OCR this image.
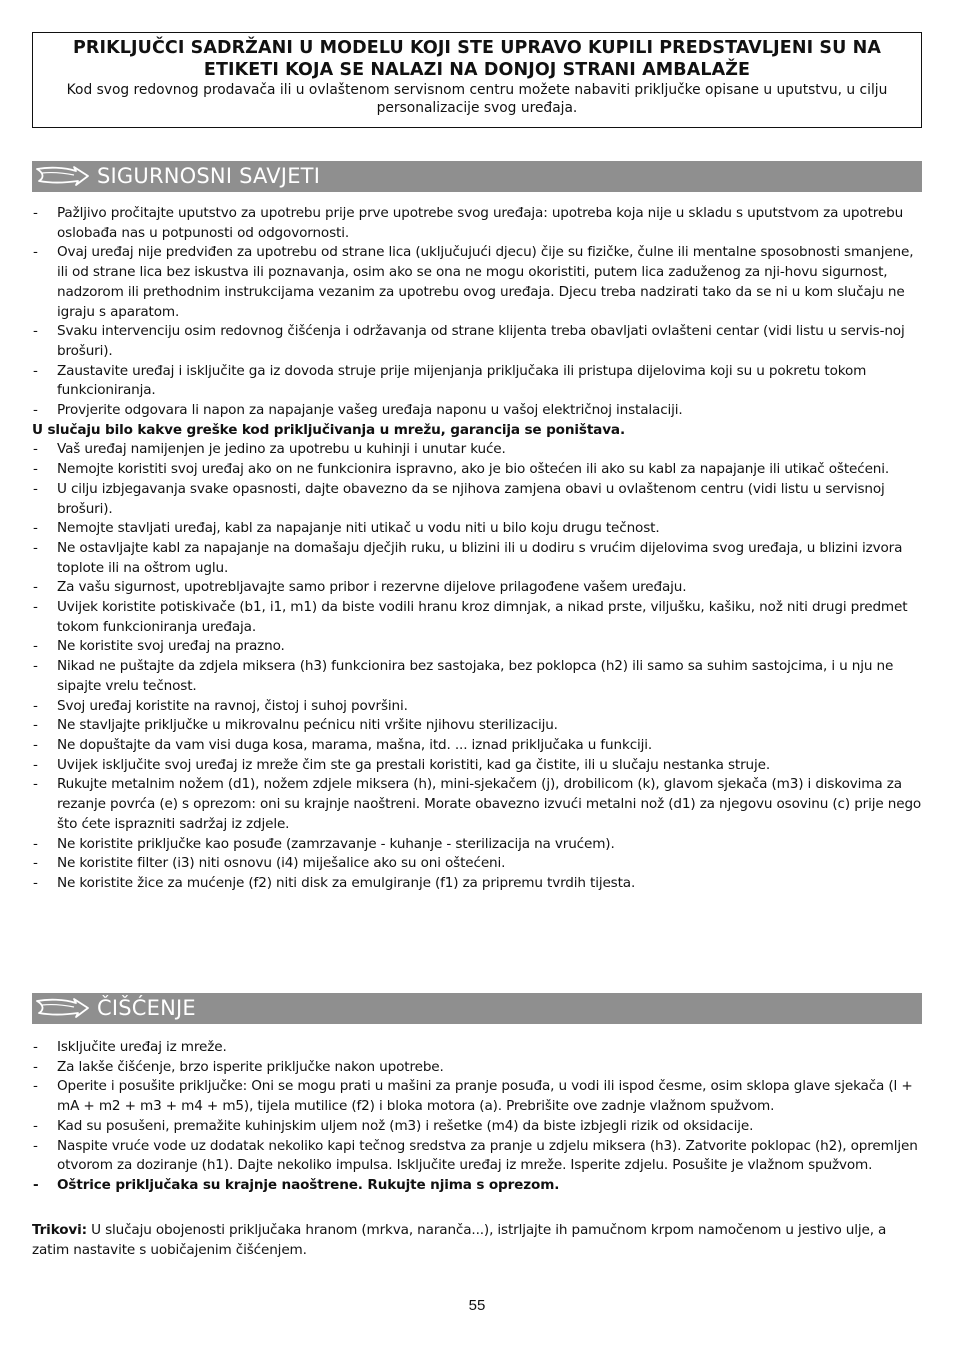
PRIKLJUČCI SADRŽANI U MODELU KOJI STE UPRAVO KUPILI PREDSTAVLJENI SU NA
ETIKETI KOJA SE NALAZI NA DONJOJ STRANI AMBALAŽE
Kod svog redovnog prodavača ili u ovlaštenom servisnom centru možete nabaviti priključke opisane u uputstvu, u cilju personalizacije svog uređaja.
SIGURNOSNI SAVJETI
- Pažljivo pročitajte uputstvo za upotrebu prije prve upotrebe svog uređaja: upotreba koja nije u skladu s uputstvom za upotrebu oslobađa nas u potpunosti od odgovornosti.
- Ovaj uređaj nije predviđen za upotrebu od strane lica (uključujući djecu) čije su fizičke, čulne ili mentalne sposobnosti smanjene, ili od strane lica bez iskustva ili poznavanja, osim ako se ona ne mogu okoristiti, putem lica zaduženog za nji-hovu sigurnost, nadzorom ili prethodnim instrukcijama vezanim za upotrebu ovog uređaja. Djecu treba nadzirati tako da se ni u kom slučaju ne igraju s aparatom.
- Svaku intervenciju osim redovnog čišćenja i održavanja od strane klijenta treba obavljati ovlašteni centar (vidi listu u servis-noj brošuri).
- Zaustavite uređaj i isključite ga iz dovoda struje prije mijenjanja priključaka ili pristupa dijelovima koji su u pokretu tokom funkcioniranja.
- Provjerite odgovara li napon za napajanje vašeg uređaja naponu u vašoj električnoj instalaciji.
U slučaju bilo kakve greške kod priključivanja u mrežu, garancija se poništava.
- Vaš uređaj namijenjen je jedino za upotrebu u kuhinji i unutar kuće.
- Nemojte koristiti svoj uređaj ako on ne funkcionira ispravno, ako je bio oštećen ili ako su kabl za napajanje ili utikač oštećeni.
- U cilju izbjegavanja svake opasnosti, dajte obavezno da se njihova zamjena obavi u ovlaštenom centru (vidi listu u servisnoj brošuri).
- Nemojte stavljati uređaj, kabl za napajanje niti utikač u vodu niti u bilo koju drugu tečnost.
- Ne ostavljajte kabl za napajanje na domašaju dječjih ruku, u blizini ili u dodiru s vrućim dijelovima svog uređaja, u blizini izvora toplote ili na oštrom uglu.
- Za vašu sigurnost, upotrebljavajte samo pribor i rezervne dijelove prilagođene vašem uređaju.
- Uvijek koristite potiskivače (b1, i1, m1) da biste vodili hranu kroz dimnjak, a nikad prste, viljušku, kašiku, nož niti drugi predmet tokom funkcioniranja uređaja.
- Ne koristite svoj uređaj na prazno.
- Nikad ne puštajte da zdjela miksera (h3) funkcionira bez sastojaka, bez poklopca (h2) ili samo sa suhim sastojcima, i u nju ne sipajte vrelu tečnost.
- Svoj uređaj koristite na ravnoj, čistoj i suhoj površini.
- Ne stavljajte priključke u mikrovalnu pećnicu niti vršite njihovu sterilizaciju.
- Ne dopuštajte da vam visi duga kosa, marama, mašna, itd. ... iznad priključaka u funkciji.
- Uvijek isključite svoj uređaj iz mreže čim ste ga prestali koristiti, kad ga čistite, ili u slučaju nestanka struje.
- Rukujte metalnim nožem (d1), nožem zdjele miksera (h), mini-sjekačem (j), drobilicom (k), glavom sjekača (m3) i diskovima za rezanje povrća (e) s oprezom: oni su krajnje naoštreni. Morate obavezno izvući metalni nož (d1) za njegovu osovinu (c) prije nego što ćete isprazniti sadržaj iz zdjele.
- Ne koristite priključke kao posuđe (zamrzavanje - kuhanje - sterilizacija na vrućem).
- Ne koristite filter (i3) niti osnovu (i4) miješalice ako su oni oštećeni.
- Ne koristite žice za mućenje (f2) niti disk za emulgiranje (f1) za pripremu tvrdih tijesta.
ČIŠĆENJE
- Isključite uređaj iz mreže.
- Za lakše čišćenje, brzo isperite priključke nakon upotrebe.
- Operite i posušite priključke: Oni se mogu prati u mašini za pranje posuđa, u vodi ili ispod česme, osim sklopa glave sjekača (l + mA + m2 + m3 + m4 + m5), tijela mutilice (f2) i bloka motora (a). Prebrišite ove zadnje vlažnom spužvom.
- Kad su posušeni, premažite kuhinjskim uljem nož (m3) i rešetke (m4) da biste izbjegli rizik od oksidacije.
- Naspite vruće vode uz dodatak nekoliko kapi tečnog sredstva za pranje u zdjelu miksera (h3). Zatvorite poklopac (h2), opremljen otvorom za doziranje (h1). Dajte nekoliko impulsa. Isključite uređaj iz mreže. Isperite zdjelu. Posušite je vlažnom spužvom.
- Oštrice priključaka su krajnje naoštrene. Rukujte njima s oprezom.
Trikovi: U slučaju obojenosti priključaka hranom (mrkva, naranča...), istrljajte ih pamučnom krpom namočenom u jestivo ulje, a zatim nastavite s uobičajenim čišćenjem.
55
